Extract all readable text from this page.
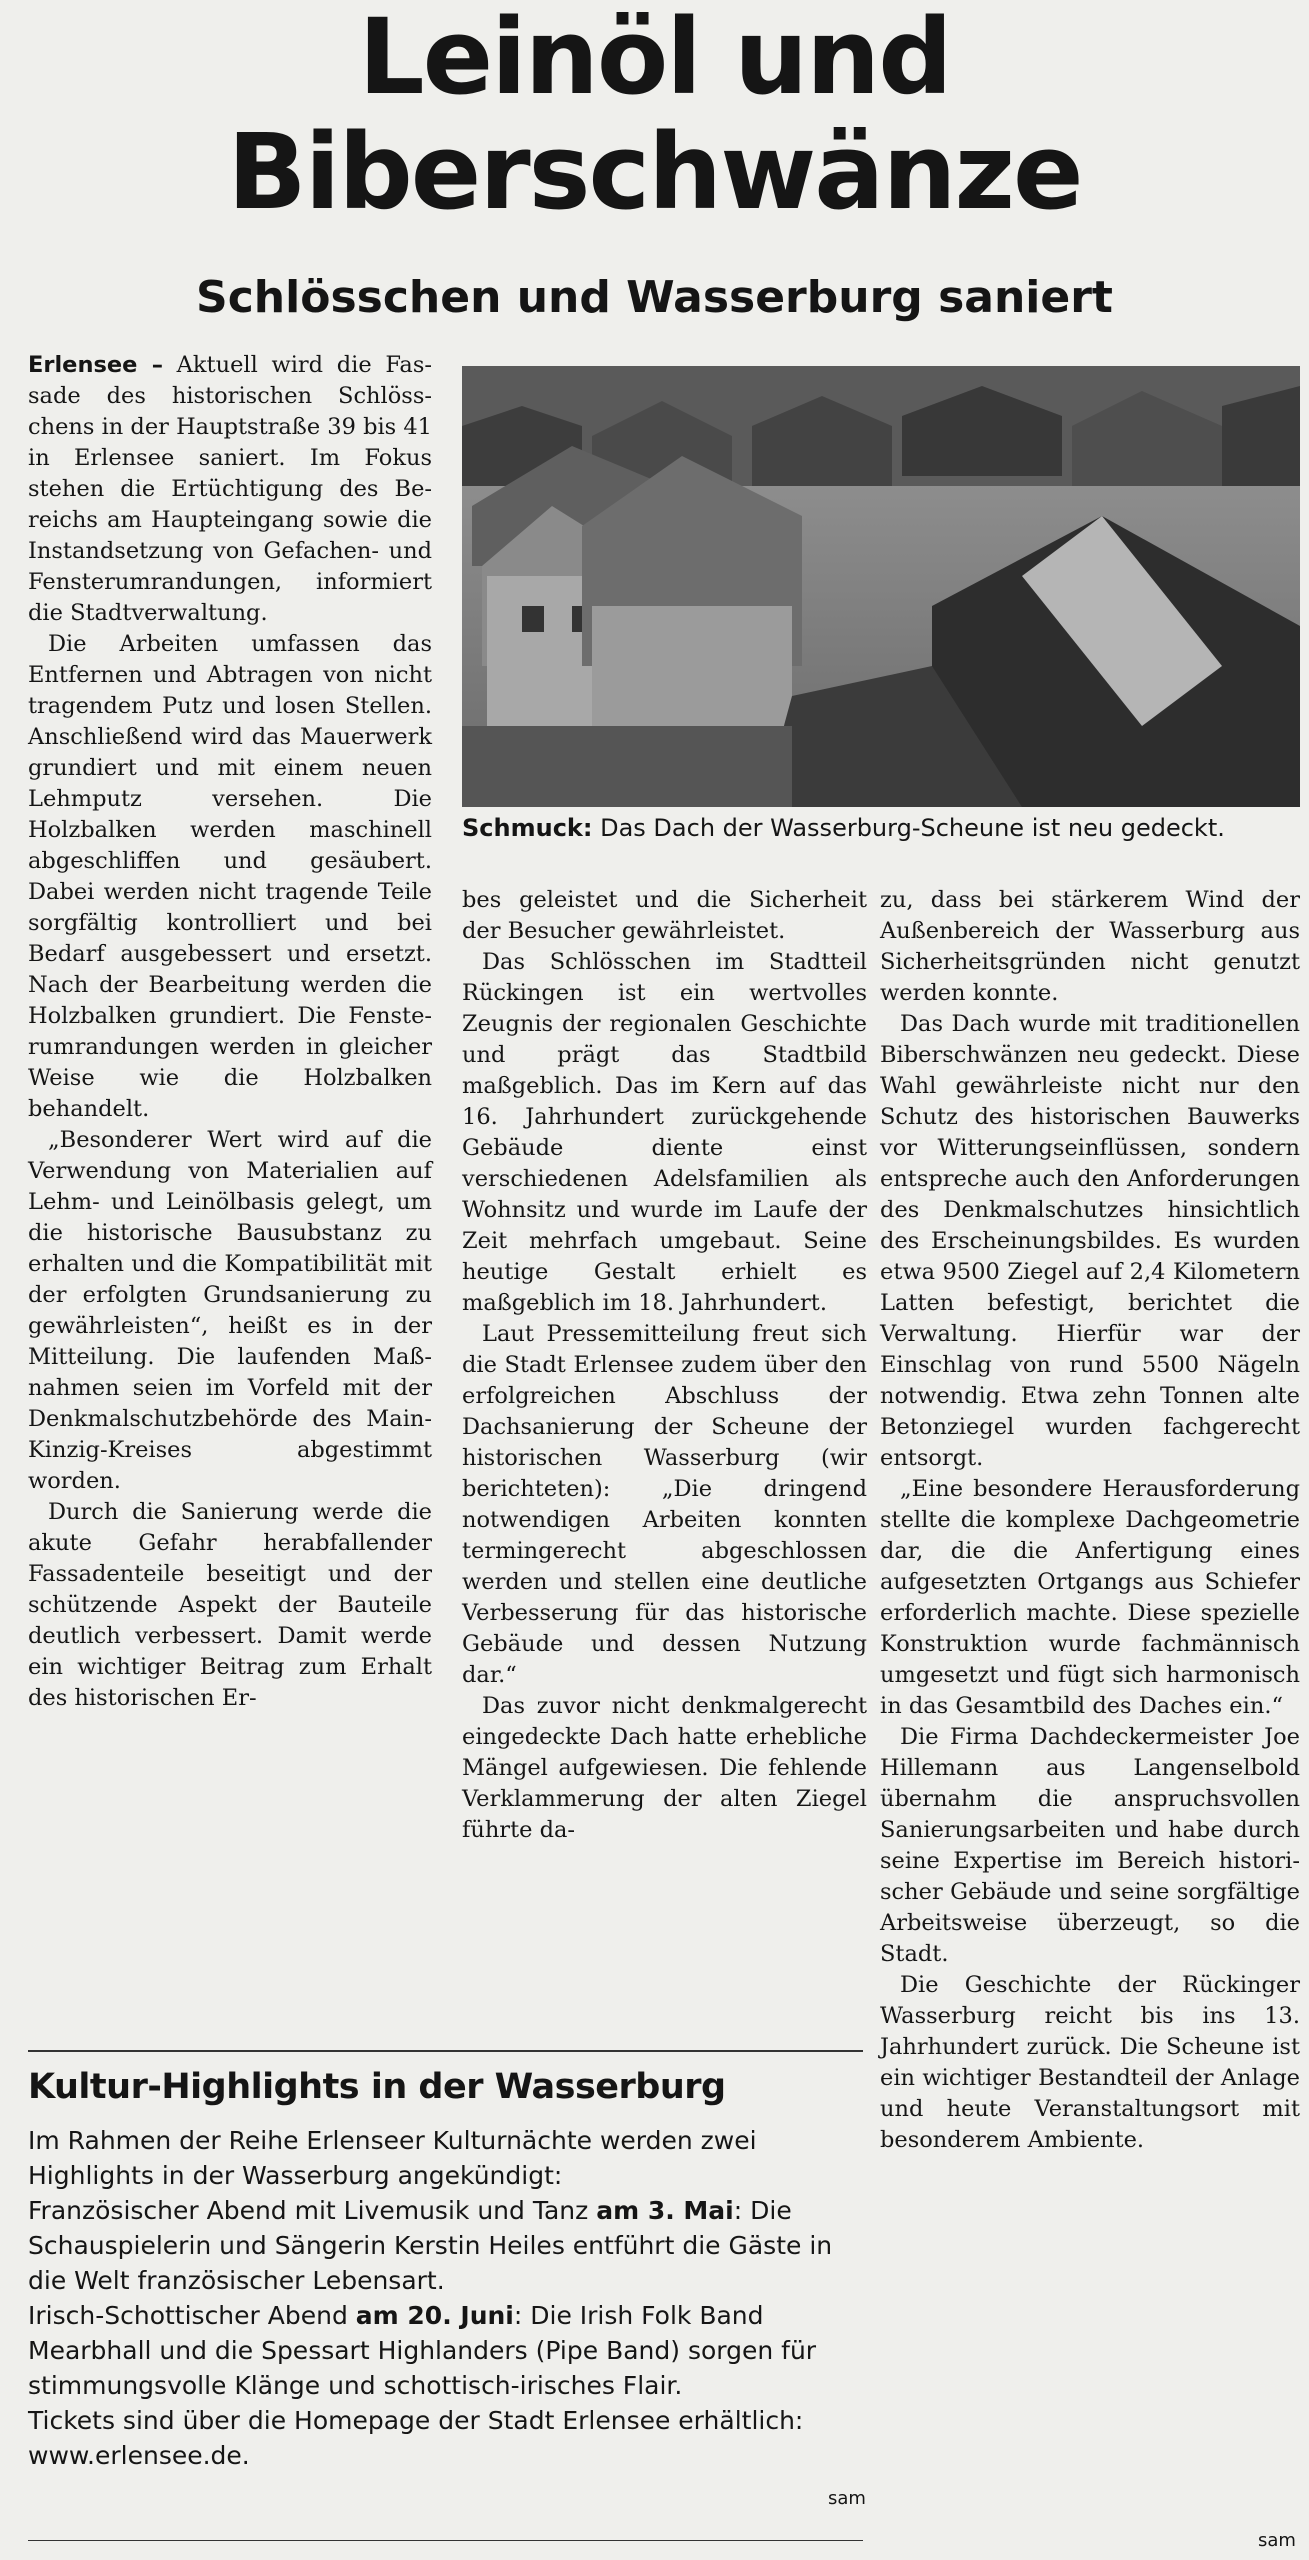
Leinöl und
Biberschwänze
Schlösschen und Wasserburg saniert
Schmuck: Das Dach der Wasserburg-Scheune ist neu gedeckt.

Erlensee – Aktuell wird die Fassade des historischen Schlösschens in der Hauptstraße 39 bis 41 in Erlensee saniert. Im Fokus stehen die Ertüchtigung des Bereichs am Haupteingang sowie die Instandsetzung von Gefachen- und Fensterumrandungen, informiert die Stadtverwaltung.

Die Arbeiten umfassen das Entfernen und Abtragen von nicht tragendem Putz und losen Stellen. Anschließend wird das Mauerwerk grundiert und mit einem neuen Lehmputz versehen. Die Holzbalken werden maschinell abgeschliffen und gesäubert. Dabei werden nicht tragende Teile sorgfältig kontrolliert und bei Bedarf ausgebessert und ersetzt. Nach der Bearbeitung werden die Holzbalken grundiert. Die Fensterumrandungen werden in gleicher Weise wie die Holzbalken behandelt.

„Besonderer Wert wird auf die Verwendung von Materialien auf Lehm- und Leinölbasis gelegt, um die historische Bausubstanz zu erhalten und die Kompatibilität mit der erfolgten Grundsanierung zu gewährleisten“, heißt es in der Mitteilung. Die laufenden Maßnahmen seien im Vorfeld mit der Denkmalschutzbehörde des Main-Kinzig-Kreises abgestimmt worden.

Durch die Sanierung werde die akute Gefahr herabfallender Fassadenteile beseitigt und der schützende Aspekt der Bauteile deutlich verbessert. Damit werde ein wichtiger Beitrag zum Erhalt des historischen Er-

bes geleistet und die Sicherheit der Besucher gewährleistet.

Das Schlösschen im Stadtteil Rückingen ist ein wertvolles Zeugnis der regionalen Geschichte und prägt das Stadtbild maßgeblich. Das im Kern auf das 16. Jahrhundert zurückgehende Gebäude diente einst verschiedenen Adelsfamilien als Wohnsitz und wurde im Laufe der Zeit mehrfach umgebaut. Seine heutige Gestalt erhielt es maßgeblich im 18. Jahrhundert.

Laut Pressemitteilung freut sich die Stadt Erlensee zudem über den erfolgreichen Abschluss der Dachsanierung der Scheune der historischen Wasserburg (wir berichteten): „Die dringend notwendigen Arbeiten konnten termingerecht abgeschlossen werden und stellen eine deutliche Verbesserung für das historische Gebäude und dessen Nutzung dar.“

Das zuvor nicht denkmalgerecht eingedeckte Dach hatte erhebliche Mängel aufgewiesen. Die fehlende Verklammerung der alten Ziegel führte da-

zu, dass bei stärkerem Wind der Außenbereich der Wasserburg aus Sicherheitsgründen nicht genutzt werden konnte.

Das Dach wurde mit traditionellen Biberschwänzen neu gedeckt. Diese Wahl gewährleiste nicht nur den Schutz des historischen Bauwerks vor Witterungseinflüssen, sondern entspreche auch den Anforderungen des Denkmalschutzes hinsichtlich des Erscheinungsbildes. Es wurden etwa 9500 Ziegel auf 2,4 Kilometern Latten befestigt, berichtet die Verwaltung. Hierfür war der Einschlag von rund 5500 Nägeln notwendig. Etwa zehn Tonnen alte Betonziegel wurden fachgerecht entsorgt.

„Eine besondere Herausforderung stellte die komplexe Dachgeometrie dar, die die Anfertigung eines aufgesetzten Ortgangs aus Schiefer erforderlich machte. Diese spezielle Konstruktion wurde fachmännisch umgesetzt und fügt sich harmonisch in das Gesamtbild des Daches ein.“

Die Firma Dachdeckermeister Joe Hillemann aus Langenselbold übernahm die anspruchsvollen Sanierungsarbeiten und habe durch seine Expertise im Bereich historischer Gebäude und seine sorgfältige Arbeitsweise überzeugt, so die Stadt.

Die Geschichte der Rückinger Wasserburg reicht bis ins 13. Jahrhundert zurück. Die Scheune ist ein wichtiger Bestandteil der Anlage und heute Veranstaltungsort mit besonderem Ambiente.

sam
Kultur-Highlights in der Wasserburg
Im Rahmen der Reihe Erlenseer Kulturnächte werden zwei Highlights in der Wasserburg angekündigt:
Französischer Abend mit Livemusik und Tanz am 3. Mai: Die Schauspielerin und Sängerin Kerstin Heiles entführt die Gäste in die Welt französischer Lebensart.
Irisch-Schottischer Abend am 20. Juni: Die Irish Folk Band Mearbhall und die Spessart Highlanders (Pipe Band) sorgen für stimmungsvolle Klänge und schottisch-irisches Flair.
Tickets sind über die Homepage der Stadt Erlensee erhältlich: www.erlensee.de.
sam
